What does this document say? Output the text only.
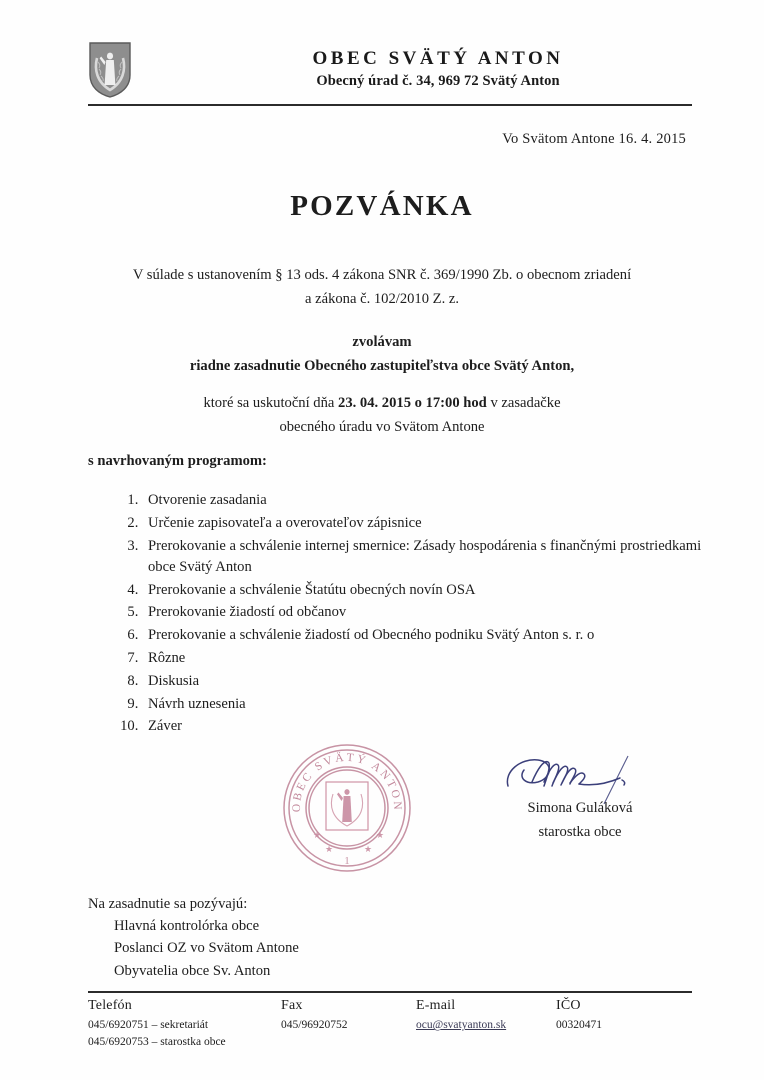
OBEC SVÄTÝ ANTON
Obecný úrad č. 34, 969 72 Svätý Anton
Vo Svätom Antone 16. 4. 2015
POZVÁNKA
V súlade s ustanovením § 13 ods. 4 zákona SNR č. 369/1990 Zb. o obecnom zriadení
a zákona č. 102/2010 Z. z.
zvolávam
riadne zasadnutie Obecného zastupiteľstva obce Svätý Anton,
ktoré sa uskutoční dňa 23. 04. 2015 o 17:00 hod v zasadačke
obecného úradu vo Svätom Antone
s navrhovaným programom:
1. Otvorenie zasadania
2. Určenie zapisovateľa a overovateľov zápisnice
3. Prerokovanie a schválenie internej smernice: Zásady hospodárenia s finančnými prostriedkami obce Svätý Anton
4. Prerokovanie a schválenie Štatútu obecných novín OSA
5. Prerokovanie žiadostí od občanov
6. Prerokovanie a schválenie žiadostí od Obecného podniku Svätý Anton s. r. o
7. Rôzne
8. Diskusia
9. Návrh uznesenia
10. Záver
OBEC SVÄTÝ ANTON
★	★
★	★
1
Simona Guláková
starostka obce

Na zasadnutie sa pozývajú:

Hlavná kontrolórka obce
Poslanci OZ vo Svätom Antone
Obyvatelia obce Sv. Anton
Telefón
045/6920751 – sekretariát
045/6920753 – starostka obce
Fax
045/96920752
E-mail
ocu@svatyanton.sk
IČO
00320471
